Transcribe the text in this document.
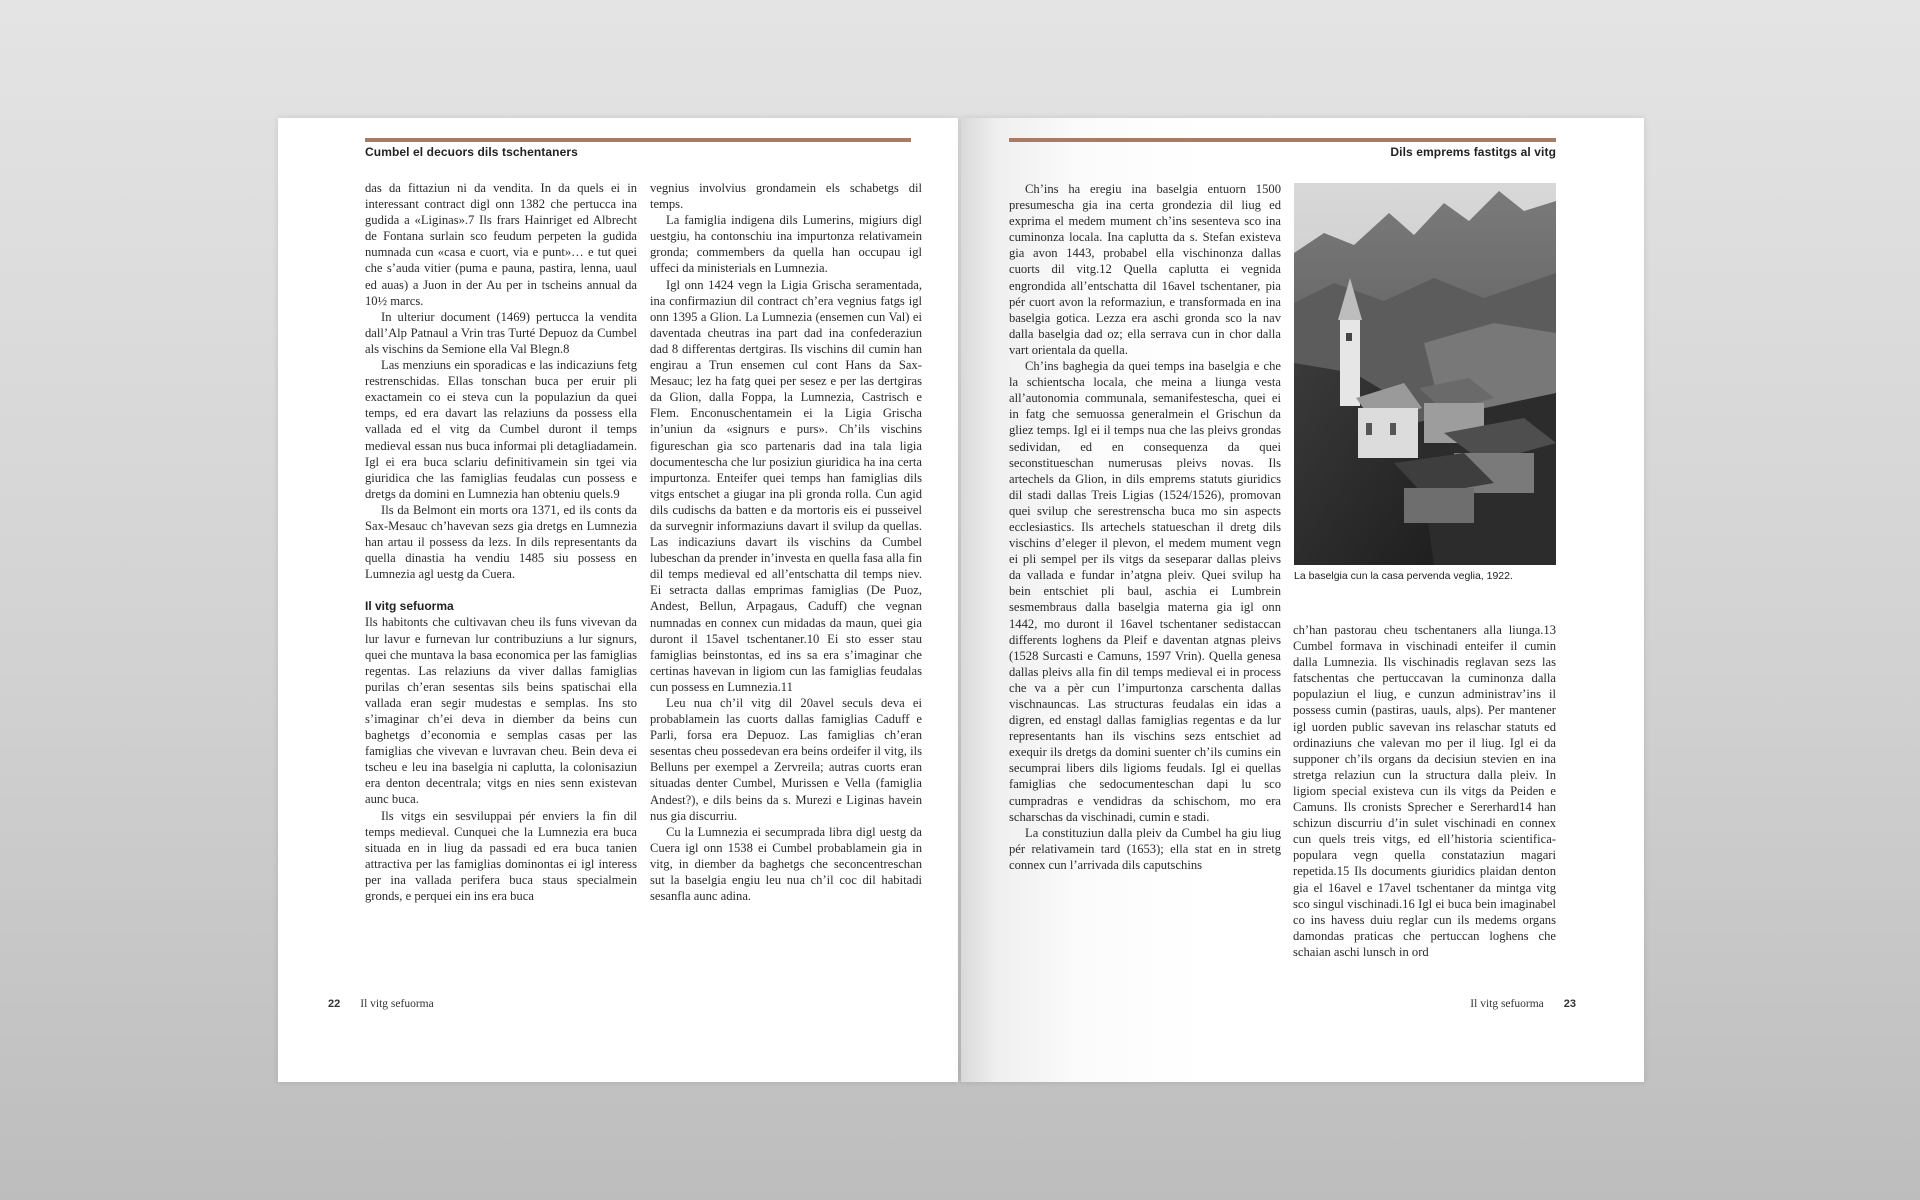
Cumbel el decuors dils tschentaners

das da fittaziun ni da vendita. In da quels ei in interessant contract digl onn 1382 che pertucca ina gudida a «Liginas».7 Ils frars Hainriget ed Albrecht de Fontana surlain sco feudum perpeten la gudida numnada cun «casa e cuort, via e punt»… e tut quei che s’auda vitier (puma e pauna, pastira, lenna, uaul ed auas) a Juon in der Au per in tscheins annual da 10½ marcs.

In ulteriur document (1469) pertucca la vendita dall’Alp Patnaul a Vrin tras Turté Depuoz da Cumbel als vischins da Semione ella Val Blegn.8

Las menziuns ein sporadicas e las indicaziuns fetg restrenschidas. Ellas tonschan buca per eruir pli exactamein co ei steva cun la populaziun da quei temps, ed era davart las relaziuns da possess ella vallada ed el vitg da Cumbel duront il temps medieval essan nus buca informai pli detagliadamein. Igl ei era buca sclariu definitivamein sin tgei via giuridica che las famiglias feudalas cun possess e dretgs da domini en Lumnezia han obteniu quels.9

Ils da Belmont ein morts ora 1371, ed ils conts da Sax-Mesauc ch’havevan sezs gia dretgs en Lumnezia han artau il possess da lezs. In dils representants da quella dinastia ha vendiu 1485 siu possess en Lumnezia agl uestg da Cuera.

Il vitg sefuorma

Ils habitonts che cultivavan cheu ils funs vivevan da lur lavur e furnevan lur contribuziuns a lur signurs, quei che muntava la basa economica per las famiglias regentas. Las relaziuns da viver dallas famiglias purilas ch’eran sesentas sils beins spatischai ella vallada eran segir mudestas e semplas. Ins sto s’imaginar ch’ei deva in diember da beins cun baghetgs d’economia e semplas casas per las famiglias che vivevan e luvravan cheu. Bein deva ei tscheu e leu ina baselgia ni caplutta, la colonisaziun era denton decentrala; vitgs en nies senn existevan aunc buca.

Ils vitgs ein sesviluppai pér enviers la fin dil temps medieval. Cunquei che la Lumnezia era buca situada en in liug da passadi ed era buca tanien attractiva per las famiglias dominontas ei igl interess per ina vallada perifera buca staus specialmein gronds, e perquei ein ins era buca

vegnius involvius grondamein els schabetgs dil temps.

La famiglia indigena dils Lumerins, migiurs digl uestgiu, ha contonschiu ina impurtonza relativamein gronda; commembers da quella han occupau igl uffeci da ministerials en Lumnezia.

Igl onn 1424 vegn la Ligia Grischa seramentada, ina confirmaziun dil contract ch’era vegnius fatgs igl onn 1395 a Glion. La Lumnezia (ensemen cun Val) ei daventada cheutras ina part dad ina confederaziun dad 8 differentas dertgiras. Ils vischins dil cumin han engirau a Trun ensemen cul cont Hans da Sax-Mesauc; lez ha fatg quei per sesez e per las dertgiras da Glion, dalla Foppa, la Lumnezia, Castrisch e Flem. Enconuschentamein ei la Ligia Grischa in’uniun da «signurs e purs». Ch’ils vischins figureschan gia sco partenaris dad ina tala ligia documentescha che lur posiziun giuridica ha ina certa impurtonza. Enteifer quei temps han famiglias dils vitgs entschet a giugar ina pli gronda rolla. Cun agid dils cudischs da batten e da mortoris eis ei pusseivel da survegnir informaziuns davart il svilup da quellas. Las indicaziuns davart ils vischins da Cumbel lubeschan da prender in’investa en quella fasa alla fin dil temps medieval ed all’entschatta dil temps niev. Ei setracta dallas emprimas famiglias (De Puoz, Andest, Bellun, Arpagaus, Caduff) che vegnan numnadas en connex cun midadas da maun, quei gia duront il 15avel tschentaner.10 Ei sto esser stau famiglias beinstontas, ed ins sa era s’imaginar che certinas havevan in ligiom cun las famiglias feudalas cun possess en Lumnezia.11

Leu nua ch’il vitg dil 20avel seculs deva ei probablamein las cuorts dallas famiglias Caduff e Parli, forsa era Depuoz. Las famiglias ch’eran sesentas cheu possedevan era beins ordeifer il vitg, ils Belluns per exempel a Zervreila; autras cuorts eran situadas denter Cumbel, Murissen e Vella (famiglia Andest?), e dils beins da s. Murezi e Liginas havein nus gia discurriu.

Cu la Lumnezia ei secumprada libra digl uestg da Cuera igl onn 1538 ei Cumbel probablamein gia in vitg, in diember da baghetgs che seconcentreschan sut la baselgia engiu leu nua ch’il coc dil habitadi sesanfla aunc adina.

22 Il vitg sefuorma
Dils emprems fastitgs al vitg

Ch’ins ha eregiu ina baselgia entuorn 1500 presumescha gia ina certa grondezia dil liug ed exprima el medem mument ch’ins sesenteva sco ina cuminonza locala. Ina caplutta da s. Stefan existeva gia avon 1443, probabel ella vischinonza dallas cuorts dil vitg.12 Quella caplutta ei vegnida engrondida all’entschatta dil 16avel tschentaner, pia pér cuort avon la reformaziun, e transformada en ina baselgia gotica. Lezza era aschi gronda sco la nav dalla baselgia dad oz; ella serrava cun in chor dalla vart orientala da quella.

Ch’ins baghegia da quei temps ina baselgia e che la schientscha locala, che meina a liunga vesta all’autonomia communala, semanifestescha, quei ei in fatg che semuossa generalmein el Grischun da gliez temps. Igl ei il temps nua che las pleivs grondas sedividan, ed en consequenza da quei seconstitueschan numerusas pleivs novas. Ils artechels da Glion, in dils emprems statuts giuridics dil stadi dallas Treis Ligias (1524/1526), promovan quei svilup che serestrenscha buca mo sin aspects ecclesiastics. Ils artechels statueschan il dretg dils vischins d’eleger il plevon, el medem mument vegn ei pli sempel per ils vitgs da seseparar dallas pleivs da vallada e fundar in’atgna pleiv. Quei svilup ha bein entschiet pli baul, aschia ei Lumbrein sesmembraus dalla baselgia materna gia igl onn 1442, mo duront il 16avel tschentaner sedistaccan differents loghens da Pleif e daventan atgnas pleivs (1528 Surcasti e Camuns, 1597 Vrin). Quella genesa dallas pleivs alla fin dil temps medieval ei in process che va a pèr cun l’impurtonza carschenta dallas vischnauncas. Las structuras feudalas ein idas a digren, ed enstagl dallas famiglias regentas e da lur representants han ils vischins sezs entschiet ad exequir ils dretgs da domini suenter ch’ils cumins ein secumprai libers dils ligioms feudals. Igl ei quellas famiglias che sedocumenteschan dapi lu sco cumpradras e vendidras da schischom, mo era scharschas da vischinadi, cumin e stadi.

La constituziun dalla pleiv da Cumbel ha giu liug pér relativamein tard (1653); ella stat en in stretg connex cun l’arrivada dils caputschins

La baselgia cun la casa pervenda veglia, 1922.

ch’han pastorau cheu tschentaners alla liunga.13 Cumbel formava in vischinadi enteifer il cumin dalla Lumnezia. Ils vischinadis reglavan sezs las fatschentas che pertuccavan la cuminonza dalla populaziun el liug, e cunzun administrav’ins il possess cumin (pastiras, uauls, alps). Per mantener igl uorden public savevan ins relaschar statuts ed ordinaziuns che valevan mo per il liug. Igl ei da supponer ch’ils organs da decisiun stevien en ina stretga relaziun cun la structura dalla pleiv. In ligiom special existeva cun ils vitgs da Peiden e Camuns. Ils cronists Sprecher e Sererhard14 han schizun discurriu d’in sulet vischinadi en connex cun quels treis vitgs, ed ell’historia scientifica-populara vegn quella constataziun magari repetida.15 Ils documents giuridics plaidan denton gia el 16avel e 17avel tschentaner da mintga vitg sco singul vischinadi.16 Igl ei buca bein imaginabel co ins havess duiu reglar cun ils medems organs damondas praticas che pertuccan loghens che schaian aschi lunsch in ord

Il vitg sefuorma 23
